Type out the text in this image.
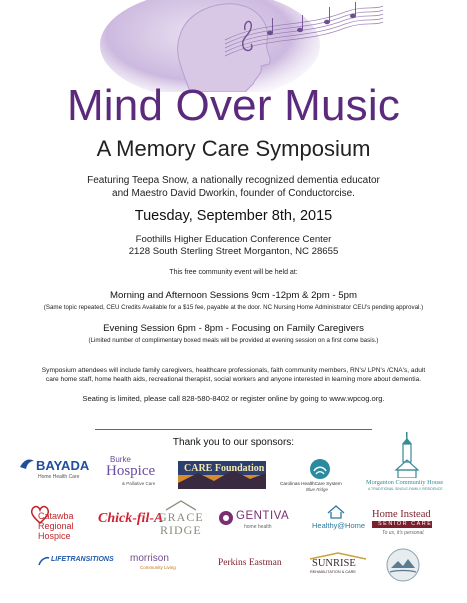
Mind Over Music
A Memory Care Symposium
Featuring Teepa Snow, a nationally recognized dementia educator and Maestro David Dworkin, founder of Conductorcise.
Tuesday, September 8th, 2015
Foothills Higher Education Conference Center
2128 South Sterling Street Morganton, NC 28655
This free community event will be held at:
Morning and Afternoon Sessions 9cm -12pm & 2pm - 5pm
(Same topic repeated, CEU Credits Available for a $15 fee, payable at the door. NC Nursing Home Administrator CEU's pending approval.)
Evening Session 6pm - 8pm - Focusing on Family Caregivers
(Limited number of complimentary boxed meals will be provided at evening session on a first come basis.)
Symposium attendees will include family caregivers, healthcare professionals, faith community members, RN's/ LPN's /CNA's, adult care home staff, home health aids, recreational therapist, social workers and anyone interested in learning more about dementia.
Seating is limited, please call 828-580-8402 or register online by going to www.wpcog.org.
Thank you to our sponsors:
BAYADA
Home Health Care
Burke
Hospice
& Palliative Care
CARE Foundation
Carolinas HealthCare System
Blue Ridge
Morganton Community House
A TRADITIONAL SINGLE-FAMILY RESIDENCE
Catawba
Regional
Hospice
Chick-fil-A
GRACE
RIDGE
GENTIVA
home health	Healthy@Home
Home Instead
SENIOR CARE
To us, it's personal.
LIFETRANSITIONS morrison
Community Living	Perkins Eastman	SUNRISE
REHABILITATION & CARE
